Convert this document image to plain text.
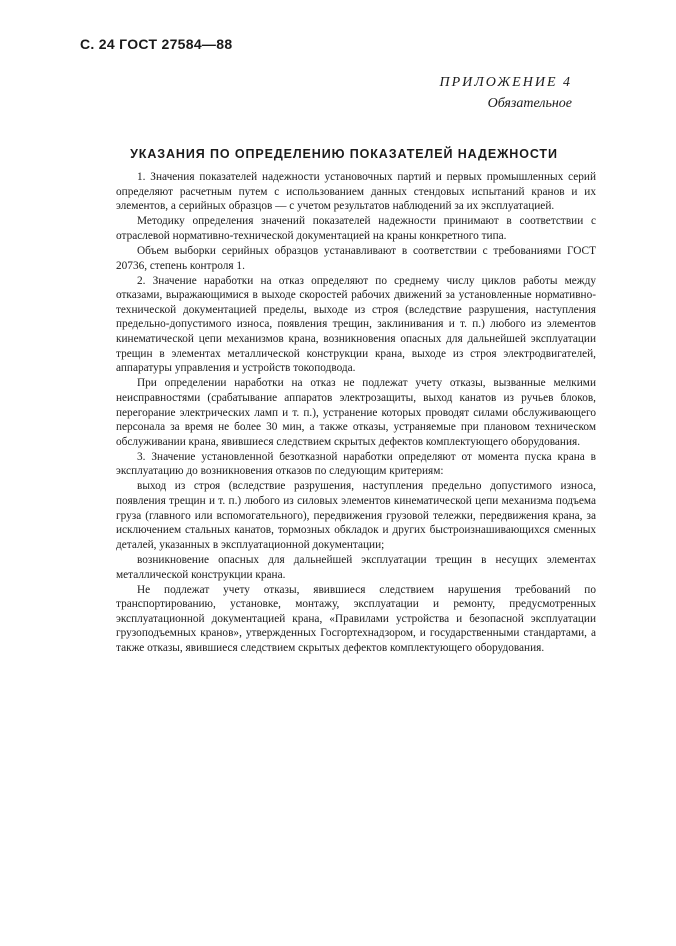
С. 24 ГОСТ 27584—88
ПРИЛОЖЕНИЕ 4
Обязательное
УКАЗАНИЯ ПО ОПРЕДЕЛЕНИЮ ПОКАЗАТЕЛЕЙ НАДЕЖНОСТИ

1. Значения показателей надежности установочных партий и первых промышленных серий определяют расчетным путем с использованием данных стендовых испытаний кранов и их элементов, а серийных образцов — с учетом результатов наблюдений за их эксплуатацией.

Методику определения значений показателей надежности принимают в соответствии с отраслевой нормативно-технической документацией на краны конкретного типа.

Объем выборки серийных образцов устанавливают в соответствии с требованиями ГОСТ 20736, степень контроля 1.

2. Значение наработки на отказ определяют по среднему числу циклов работы между отказами, выражающимися в выходе скоростей рабочих движений за установленные нормативно-технической документацией пределы, выходе из строя (вследствие разрушения, наступления предельно-допустимого износа, появления трещин, заклинивания и т. п.) любого из элементов кинематической цепи механизмов крана, возникновения опасных для дальнейшей эксплуатации трещин в элементах металлической конструкции крана, выходе из строя электродвигателей, аппаратуры управления и устройств токоподвода.

При определении наработки на отказ не подлежат учету отказы, вызванные мелкими неисправностями (срабатывание аппаратов электрозащиты, выход канатов из ручьев блоков, перегорание электрических ламп и т. п.), устранение которых проводят силами обслуживающего персонала за время не более 30 мин, а также отказы, устраняемые при плановом техническом обслуживании крана, явившиеся следствием скрытых дефектов комплектующего оборудования.

3. Значение установленной безотказной наработки определяют от момента пуска крана в эксплуатацию до возникновения отказов по следующим критериям:

выход из строя (вследствие разрушения, наступления предельно допустимого износа, появления трещин и т. п.) любого из силовых элементов кинематической цепи механизма подъема груза (главного или вспомогательного), передвижения грузовой тележки, передвижения крана, за исключением стальных канатов, тормозных обкладок и других быстроизнашивающихся сменных деталей, указанных в эксплуатационной документации;

возникновение опасных для дальнейшей эксплуатации трещин в несущих элементах металлической конструкции крана.

Не подлежат учету отказы, явившиеся следствием нарушения требований по транспортированию, установке, монтажу, эксплуатации и ремонту, предусмотренных эксплуатационной документацией крана, «Правилами устройства и безопасной эксплуатации грузоподъемных кранов», утвержденных Госгортехнадзором, и государственными стандартами, а также отказы, явившиеся следствием скрытых дефектов комплектующего оборудования.
